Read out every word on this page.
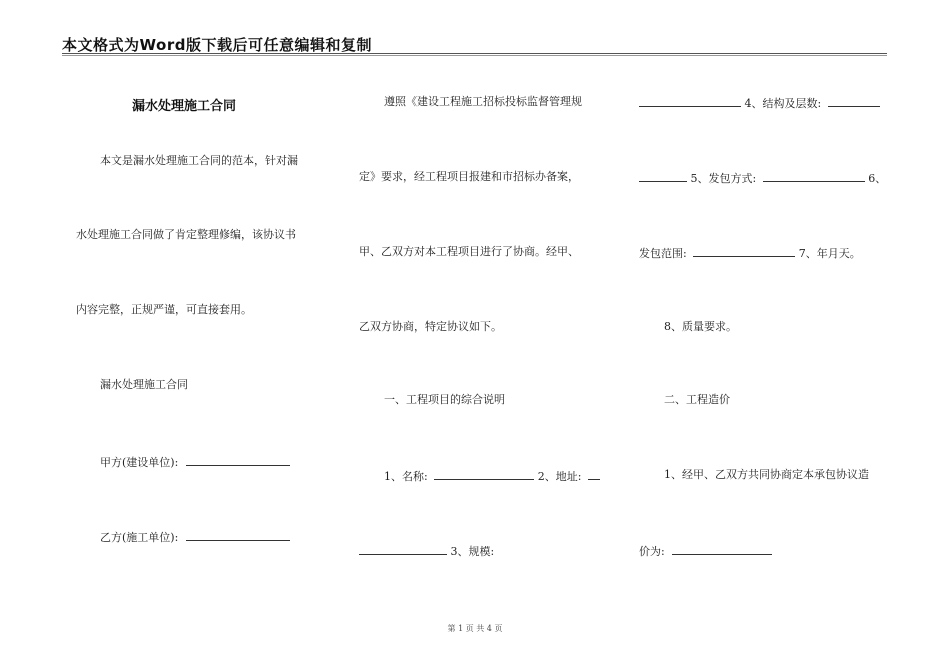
本文格式为Word版下载后可任意编辑和复制
漏水处理施工合同
本文是漏水处理施工合同的范本，针对漏
水处理施工合同做了肯定整理修编，该协议书
内容完整，正规严谨，可直接套用。
漏水处理施工合同
甲方(建设单位):
乙方(施工单位):
遵照《建设工程施工招标投标监督管理规
定》要求，经工程项目报建和市招标办备案，
甲、乙双方对本工程项目进行了协商。经甲、
乙双方协商，特定协议如下。
一、工程项目的综合说明
1、名称:	2、地址:
3、规模:
4、结构及层数:
5、发包方式:	6、
发包范围:	7、年月天。
8、质量要求。
二、工程造价
1、经甲、乙双方共同协商定本承包协议造
价为:
第 1 页 共 4 页
